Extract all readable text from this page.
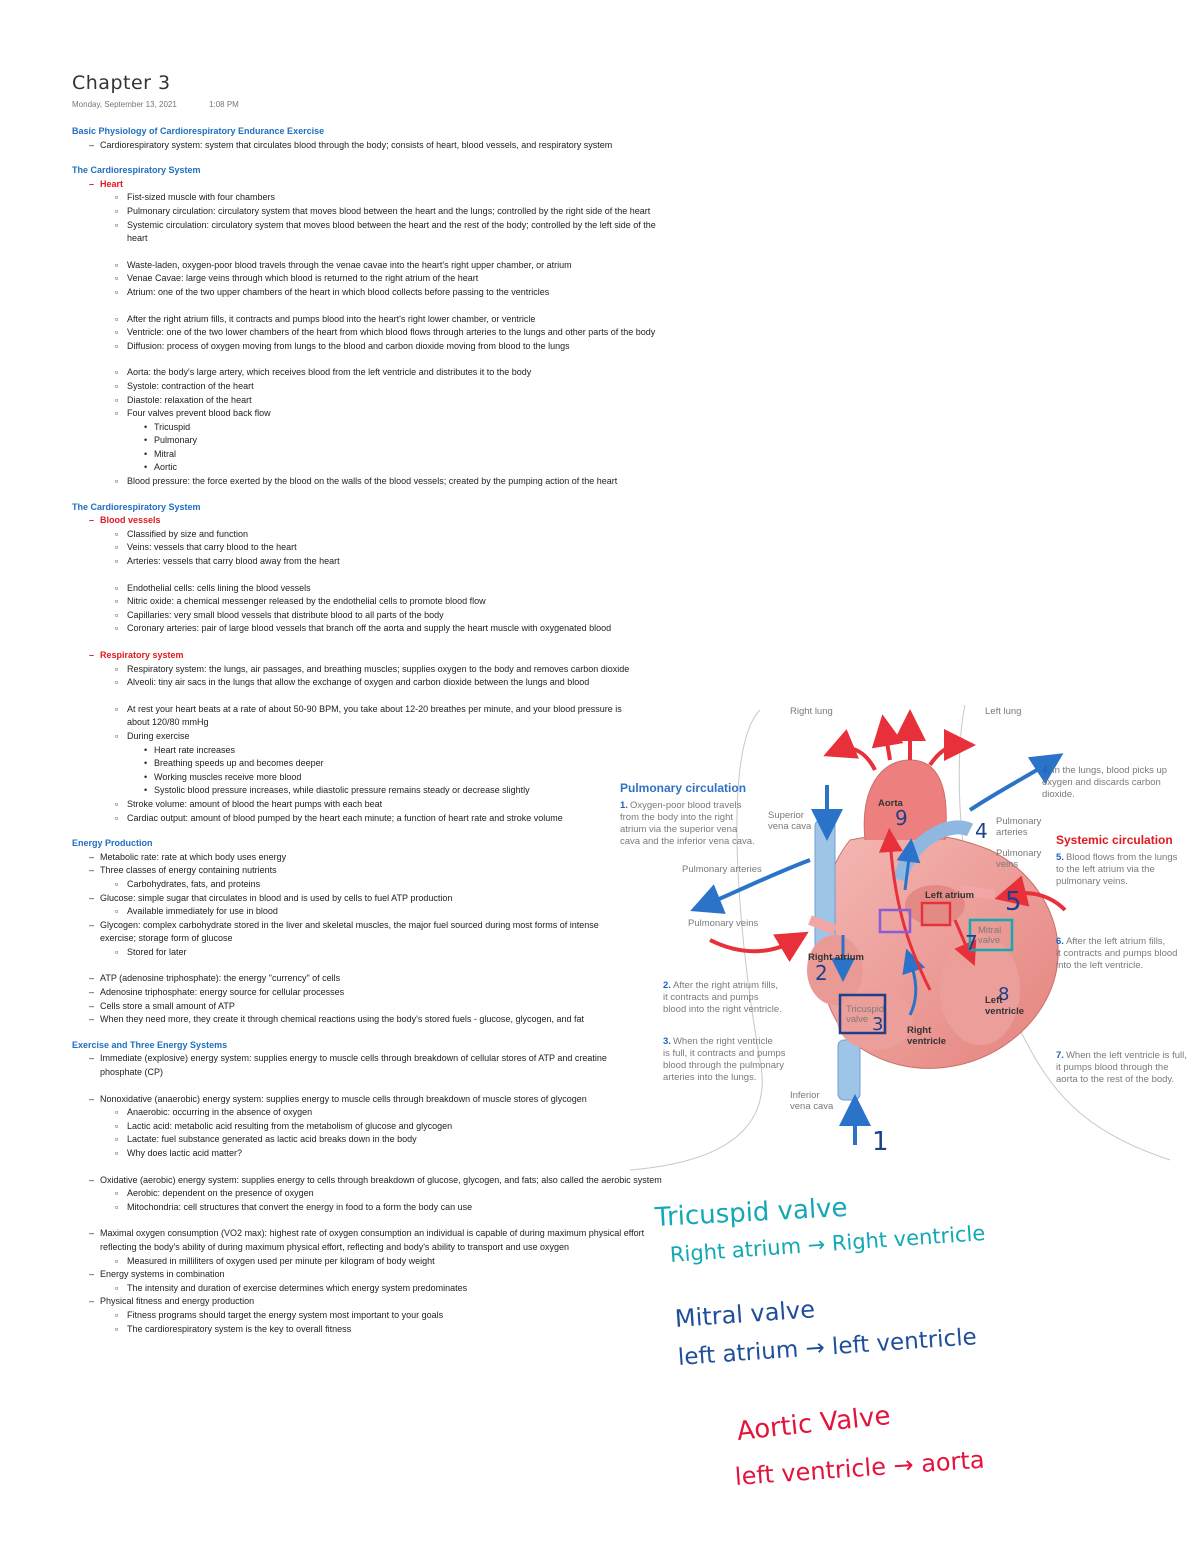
Chapter 3
Monday, September 13, 2021	1:08 PM
Basic Physiology of Cardiorespiratory Endurance Exercise
– Cardiorespiratory system: system that circulates blood through the body; consists of heart, blood vessels, and respiratory system
The Cardiorespiratory System
– Heart
▫ Fist-sized muscle with four chambers
▫ Pulmonary circulation: circulatory system that moves blood between the heart and the lungs; controlled by the right side of the heart
▫ Systemic circulation: circulatory system that moves blood between the heart and the rest of the body; controlled by the left side of the heart
▫ Waste-laden, oxygen-poor blood travels through the venae cavae into the heart's right upper chamber, or atrium
▫ Venae Cavae: large veins through which blood is returned to the right atrium of the heart
▫ Atrium: one of the two upper chambers of the heart in which blood collects before passing to the ventricles
▫ After the right atrium fills, it contracts and pumps blood into the heart's right lower chamber, or ventricle
▫ Ventricle: one of the two lower chambers of the heart from which blood flows through arteries to the lungs and other parts of the body
▫ Diffusion: process of oxygen moving from lungs to the blood and carbon dioxide moving from blood to the lungs
▫ Aorta: the body's large artery, which receives blood from the left ventricle and distributes it to the body
▫ Systole: contraction of the heart
▫ Diastole: relaxation of the heart
▫ Four valves prevent blood back flow
• Tricuspid
• Pulmonary
• Mitral
• Aortic
▫ Blood pressure: the force exerted by the blood on the walls of the blood vessels; created by the pumping action of the heart
The Cardiorespiratory System
– Blood vessels
▫ Classified by size and function
▫ Veins: vessels that carry blood to the heart
▫ Arteries: vessels that carry blood away from the heart
▫ Endothelial cells: cells lining the blood vessels
▫ Nitric oxide: a chemical messenger released by the endothelial cells to promote blood flow
▫ Capillaries: very small blood vessels that distribute blood to all parts of the body
▫ Coronary arteries: pair of large blood vessels that branch off the aorta and supply the heart muscle with oxygenated blood
– Respiratory system
▫ Respiratory system: the lungs, air passages, and breathing muscles; supplies oxygen to the body and removes carbon dioxide
▫ Alveoli: tiny air sacs in the lungs that allow the exchange of oxygen and carbon dioxide between the lungs and blood
▫ At rest your heart beats at a rate of about 50-90 BPM, you take about 12-20 breathes per minute, and your blood pressure is about 120/80 mmHg
▫ During exercise
• Heart rate increases
• Breathing speeds up and becomes deeper
• Working muscles receive more blood
• Systolic blood pressure increases, while diastolic pressure remains steady or decrease slightly
▫ Stroke volume: amount of blood the heart pumps with each beat
▫ Cardiac output: amount of blood pumped by the heart each minute; a function of heart rate and stroke volume
Energy Production
– Metabolic rate: rate at which body uses energy
– Three classes of energy containing nutrients
▫ Carbohydrates, fats, and proteins
– Glucose: simple sugar that circulates in blood and is used by cells to fuel ATP production
▫ Available immediately for use in blood
– Glycogen: complex carbohydrate stored in the liver and skeletal muscles, the major fuel sourced during most forms of intense exercise; storage form of glucose
▫ Stored for later
– ATP (adenosine triphosphate): the energy "currency" of cells
– Adenosine triphosphate: energy source for cellular processes
– Cells store a small amount of ATP
– When they need more, they create it through chemical reactions using the body's stored fuels - glucose, glycogen, and fat
Exercise and Three Energy Systems
– Immediate (explosive) energy system: supplies energy to muscle cells through breakdown of cellular stores of ATP and creatine phosphate (CP)
– Nonoxidative (anaerobic) energy system: supplies energy to muscle cells through breakdown of muscle stores of glycogen
▫ Anaerobic: occurring in the absence of oxygen
▫ Lactic acid: metabolic acid resulting from the metabolism of glucose and glycogen
▫ Lactate: fuel substance generated as lactic acid breaks down in the body
▫ Why does lactic acid matter?
– Oxidative (aerobic) energy system: supplies energy to cells through breakdown of glucose, glycogen, and fats; also called the aerobic system
▫ Aerobic: dependent on the presence of oxygen
▫ Mitochondria: cell structures that convert the energy in food to a form the body can use
– Maximal oxygen consumption (VO2 max): highest rate of oxygen consumption an individual is capable of during maximum physical effort reflecting the body's ability of during maximum physical effort, reflecting and body's ability to transport and use oxygen
▫ Measured in milliliters of oxygen used per minute per kilogram of body weight
– Energy systems in combination
▫ The intensity and duration of exercise determines which energy system predominates
– Physical fitness and energy production
▫ Fitness programs should target the energy system most important to your goals
▫ The cardiorespiratory system is the key to overall fitness
Right lung	Left lung
1
2
3
4
5
7
8
9
Aorta
Left atrium
Right atrium
Right ventricle
Left ventricle
Tricuspid valve
Mitral valve
Superior vena cava
Inferior vena cava
Pulmonary arteries
Pulmonary veins
Pulmonary arteries
Pulmonary veins
Pulmonary circulation
1. Oxygen-poor blood travels from the body into the right atrium via the superior vena cava and the inferior vena cava.
2. After the right atrium fills, it contracts and pumps blood into the right ventricle.
3. When the right ventricle is full, it contracts and pumps blood through the pulmonary arteries into the lungs.
4. In the lungs, blood picks up oxygen and discards carbon dioxide.
Systemic circulation
5. Blood flows from the lungs to the left atrium via the pulmonary veins.
6. After the left atrium fills, it contracts and pumps blood into the left ventricle.
7. When the left ventricle is full, it pumps blood through the aorta to the rest of the body.
Tricuspid valve
Right atrium → Right ventricle
Mitral valve
left atrium → left ventricle
Aortic Valve
left ventricle → aorta
